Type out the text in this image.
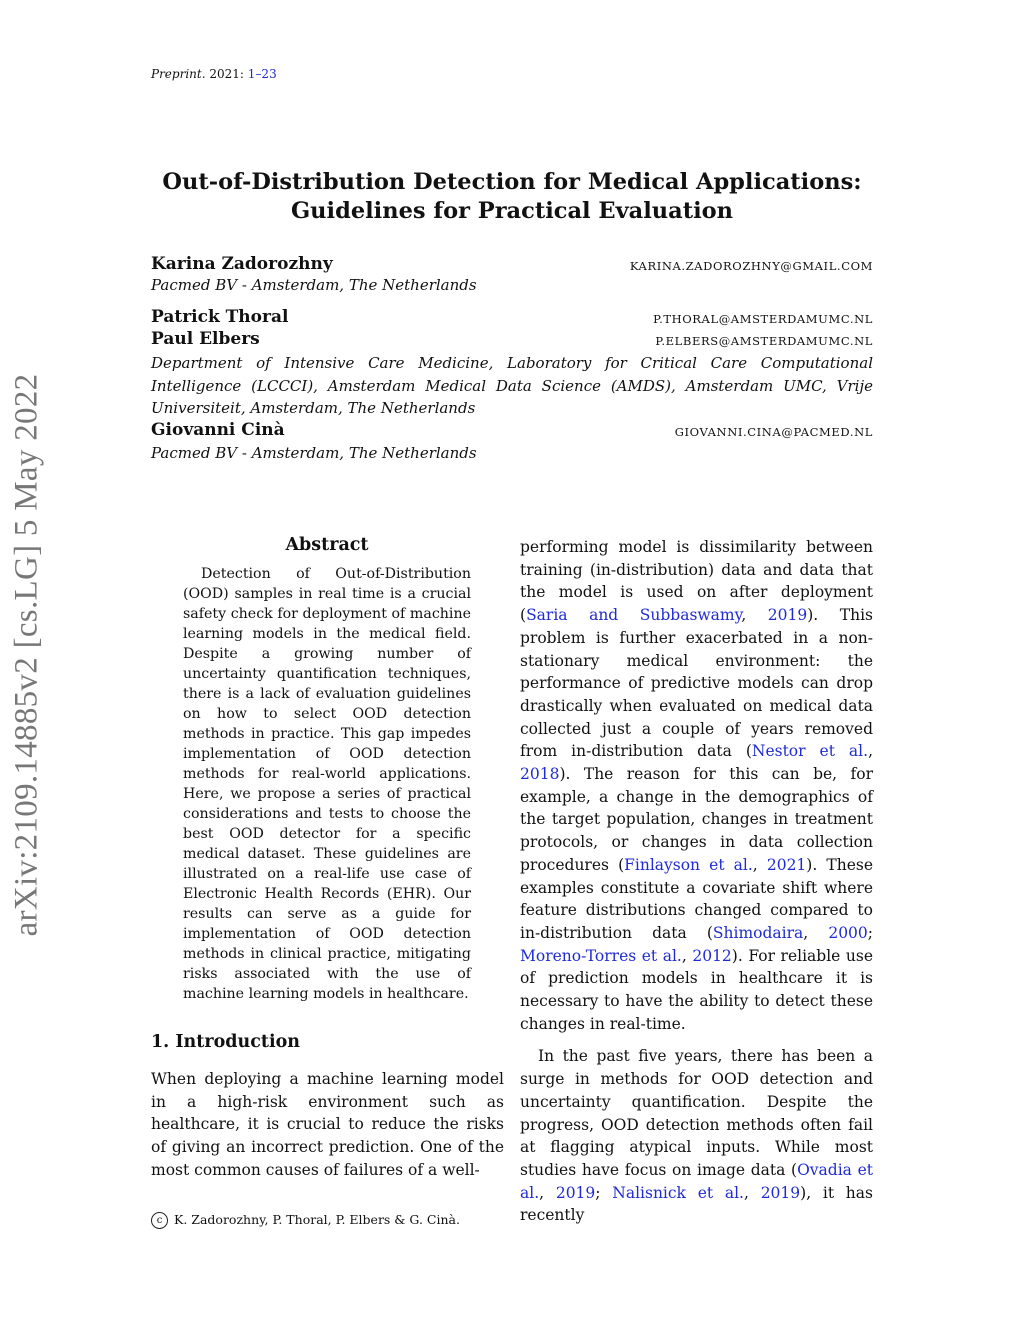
Preprint. 2021: 1–23
arXiv:2109.14885v2 [cs.LG] 5 May 2022
Out-of-Distribution Detection for Medical Applications:
Guidelines for Practical Evaluation
Karina Zadorozhny	KARINA.ZADOROZHNY@GMAIL.COM
Pacmed BV - Amsterdam, The Netherlands
Patrick Thoral	P.THORAL@AMSTERDAMUMC.NL
Paul Elbers	P.ELBERS@AMSTERDAMUMC.NL
Department of Intensive Care Medicine, Laboratory for Critical Care Computational Intelligence (LCCCI), Amsterdam Medical Data Science (AMDS), Amsterdam UMC, Vrije Universiteit, Amsterdam, The Netherlands
Giovanni Cinà	GIOVANNI.CINA@PACMED.NL
Pacmed BV - Amsterdam, The Netherlands
Abstract

Detection of Out-of-Distribution (OOD) samples in real time is a crucial safety check for deployment of machine learning models in the medical field. Despite a growing number of uncertainty quantification techniques, there is a lack of evaluation guidelines on how to select OOD detection methods in practice. This gap impedes implementation of OOD detection methods for real-world applications. Here, we propose a series of practical considerations and tests to choose the best OOD detector for a specific medical dataset. These guidelines are illustrated on a real-life use case of Electronic Health Records (EHR). Our results can serve as a guide for implementation of OOD detection methods in clinical practice, mitigating risks associated with the use of machine learning models in healthcare.

1. Introduction

When deploying a machine learning model in a high-risk environment such as healthcare, it is crucial to reduce the risks of giving an incorrect prediction. One of the most common causes of failures of a well-

performing model is dissimilarity between training (in-distribution) data and data that the model is used on after deployment (Saria and Subbaswamy, 2019). This problem is further exacerbated in a non-stationary medical environment: the performance of predictive models can drop drastically when evaluated on medical data collected just a couple of years removed from in-distribution data (Nestor et al., 2018). The reason for this can be, for example, a change in the demographics of the target population, changes in treatment protocols, or changes in data collection procedures (Finlayson et al., 2021). These examples constitute a covariate shift where feature distributions changed compared to in-distribution data (Shimodaira, 2000; Moreno-Torres et al., 2012). For reliable use of prediction models in healthcare it is necessary to have the ability to detect these changes in real-time.

In the past five years, there has been a surge in methods for OOD detection and uncertainty quantification. Despite the progress, OOD detection methods often fail at flagging atypical inputs. While most studies have focus on image data (Ovadia et al., 2019; Nalisnick et al., 2019), it has recently

c K. Zadorozhny, P. Thoral, P. Elbers & G. Cinà.
